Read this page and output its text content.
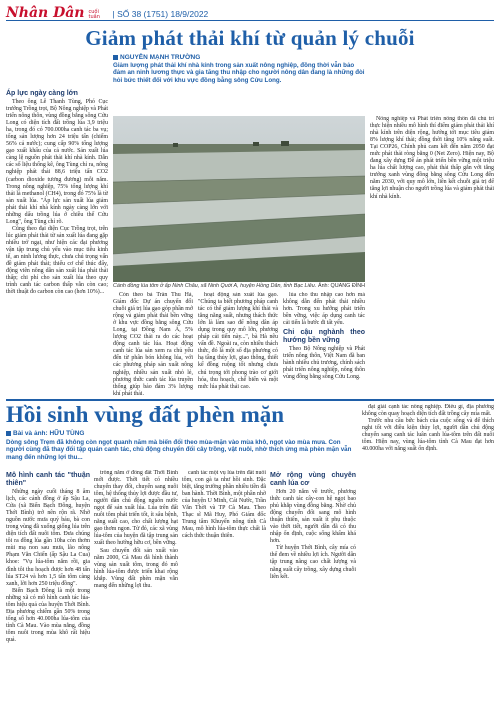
Nhân Dân cuối tuần	| SỐ 38 (1751) 18/9/2022
Giảm phát thải khí từ quản lý chuỗi
NGUYỄN MẠNH TRƯỜNG
Giảm lượng phát thải khí nhà kính trong sản xuất nông nghiệp, đồng thời vẫn bảo đảm an ninh lương thực và gia tăng thu nhập cho người nông dân đang là những đòi hỏi bức thiết đối với khu vực đồng bằng sông Cửu Long.

Áp lực ngày càng lớn

Theo ông Lê Thanh Tùng, Phó Cục trưởng Trồng trọt, Bộ Nông nghiệp và Phát triển nông thôn, vùng đồng bằng sông Cửu Long có diện tích đất trồng lúa 3,9 triệu ha, trong đó có 700.000ha canh tác ba vụ; tổng sản lượng hơn 24 triệu tấn (chiếm 56% cả nước); cung cấp 90% tổng lượng gạo xuất khẩu của cả nước. Sản xuất lúa càng lệ nguồn phát thải khí nhà kính. Dẫn các số liệu thống kê, ông Tùng chỉ ra, nông nghiệp phát thải 88,6 triệu tấn CO2 (carbon dioxide tương đương) mỗi năm. Trong nông nghiệp, 75% tổng lượng khí thải là methanol (CH4), trong đó 75% là từ sản xuất lúa. "Áp lực sản xuất lúa giảm phát thải khí nhà kính ngày càng lớn với những dấu trồng lúa ở chiều thế Cửu Long", ông Tùng chỉ rõ.

Cũng theo đại diện Cục Trồng trọt, trên lúc giảm phát thải từ sản xuất lúa đang gặp nhiều trở ngại, như hiện các đại phương vận tập trung chủ yếu vào mục tiêu kinh tế, an ninh lương thực, chưa chú trọng vấn đề giảm phát thải; thiếu cơ chế thúc đẩy, động viên nông dân sản xuất lúa phát thải thấp; chi phí cho sản xuất lúa theo quy trình canh tác carbon thấp vẫn còn cao; thời thuật đo carbon còn cao (hơn 10%)...

Cánh đồng lúa tôm ở ấp Ninh Châu, xã Ninh Quới A, huyện Hồng Dân, tỉnh Bạc Liêu. Ảnh: QUANG ĐÌNH

Còn theo bà Trần Thu Hà, Giám đốc Dự án chuyển đổi chuỗi giá trị lúa gạo góp phần mở rộng và giảm phát thải bền vững ở khu vực đồng bằng sông Cửu Long, tại Đồng Nam Á, 5% lượng CO2 thải ra do các hoạt động canh tác lúa. Hoạt động canh tác lúa sản xem ra chủ yếu đến từ phân bón không lúa, với các phương pháp sản xuất nông nghiệp, nhiều sản xuất nhỏ lẻ, phương thức canh tác lúa truyền thống giúp bảo đảm 3% lượng khí phát thải.

hoạt động sản xuất lúa gạo. "Chúng ta biết phương pháp canh tác có thể giảm lượng khí thải và tăng năng suất, nhưng thách thức lớn là làm sao để nông dân áp dụng trong quy mô lớn, phương pháp cải tiến này...", bà Hà nêu vấn đề. Ngoài ra, còn nhiều thách thức, đó là một số địa phương có hạ tầng thủy lợi, giao thông, thiết kế đồng ruộng tốt nhưng chưa chú trọng tới phong trào cơ giới hóa, thu hoạch, chế biến và một mức lúa phát thải cao.

lúa cho thu nhập cao hơn mà không dẫn đến phát thải nhiều hơn. Trong xu hướng phát triển bền vững, việc áp dụng canh tác cải tiến là bước đi tất yếu.

Chi cậu nghành theo hướng bền vững

Theo Bộ Nông nghiệp và Phát triển nông thôn, Việt Nam đã ban hành nhiều chủ trương, chính sách phát triển nông nghiệp, nông thôn vùng đồng bằng sông Cửu Long.

Nông nghiệp và Phát triển nông thôn đã chủ trì thực hiện nhiều mô hình thí điểm giảm phát thải khí nhà kính trên diện rộng, hướng tới mục tiêu giảm 8% lượng khí thải; đồng thời tăng 10% năng suất. Tại COP26, Chính phủ cam kết đến năm 2050 đạt mức phát thải ròng bằng 0 (Net Zero). Hiện nay, Bộ đang xây dựng Đề án phát triển bền vững một triệu ha lúa chất lượng cao, phát thải thấp gắn với tăng trưởng xanh vùng đồng bằng sông Cửu Long đến năm 2030, với quy mô lớn, liên kết chuỗi giá trị để tăng lợi nhuận cho người trồng lúa và giảm phát thải khí nhà kính.

Hồi sinh vùng đất phèn mặn
Bài và ảnh: HỮU TÙNG
Dòng sông Trẹm đã không còn ngọt quanh năm mà biến đổi theo mùa-mặn vào mùa khô, ngọt vào mùa mưa. Con người cùng đã thay đổi tập quán canh tác, chủ động chuyển đổi cây trồng, vật nuôi, nhờ thích ứng mà phèn mặn vẫn mang đến những lợi thu...

Mô hình canh tác "thuận thiên"

Những ngày cuối tháng 8 âm lịch, các cánh đồng ở ấp Sậu La, Cửa (xã Biển Bạch Đông, huyện Thới Bình) trở nên rộn rã. Nhờ nguồn nước mưa quý báu, bà con trong vùng đã xuống giống lúa trên diện tích đất nuôi tôm. Đưa chúng tôi ra đồng lúa gần 10ha còn thơm mùi mạ non sau mưa, lão nông Phạm Văn Chiến (ấp Sậu La Cua) khoe: "Vụ lúa-tôm năm rồi, gia đình tôi thu hoạch được hơn 48 tấn lúa ST24 và hơn 1,5 tấn tôm càng xanh, lời hơn 250 triệu đồng".

Biến Bạch Đông là một trong những xã có mô hình canh tác lúa-tôm hiệu quả của huyện Thới Bình. Địa phương chiếm gần 50% trong tổng số hơn 40.000ha lúa-tôm của tỉnh Cà Mau. Vào mùa nắng, đồng tôm nuôi trong mùa khô rất hiệu quả.

trồng năm ở đồng đất Thới Bình mới được. Thời tiết có nhiều chuyển thay đổi, chuyển sang nuôi tôm, hệ thống thủy lợi được đầu tư, người dân chủ động nguồn nước ngọt để sản xuất lúa. Lúa trên đất nuôi tôm phát triển tốt, ít sâu bệnh, năng suất cao, cho chất lượng hạt gạo thơm ngon. Từ đó, các xã vùng lúa-tôm của huyện đã tập trung sản xuất theo hướng hữu cơ, bền vững.

Sau chuyển đổi sản xuất vào năm 2000, Cà Mau đã hình thành vùng sản xuất tôm, trong đó mô hình lúa-tôm được triển khai rộng khắp. Vùng đất phèn mặn vẫn mang đến những lợi thu.

canh tác một vụ lúa trên đất nuôi tôm, con gà ta như hồi sinh. Đặc biệt, tăng trưởng phần nhiều tiền đã ban hành. Thời Bình, một phần nhờ của huyện U Minh, Cái Nước, Trần Văn Thời và TP Cà Mau. Theo Thạc sĩ Mã Huy, Phó Giám đốc Trung tâm Khuyến nông tỉnh Cà Mau, mô hình lúa-tôm thực chất là cách thức thuận thiên.

Mở rộng vùng chuyên canh lúa cơ

Hơn 20 năm về trước, phương thức canh tác cây-con hệ ngọt bao phủ khắp vùng đồng bằng. Nhờ chủ động chuyển đổi sang mô hình thuận thiên, sản xuất ít phụ thuộc vào thời tiết, người dân đã có thu nhập ổn định, cuộc sống khấm khá hơn.

Từ huyện Thới Bình, cây mía có thể đem về nhiều lợi ích. Người dân tập trung nâng cao chất lượng và năng suất cây trồng, xây dựng chuỗi liên kết.

đạt giải cạnh tác nông nghiệp. Điều gì, địa phương không còn quay hoạch diện tích đất trồng cây mía mất.

Trước nhu cầu bức bách của cuộc sống và để thích nghi tốt với điều kiện thủy lợi, người dân chủ động chuyển sang canh tác luân canh lúa-tôm trên đất nuôi tôm. Hiện nay, vùng lúa-tôm tỉnh Cà Mau đạt hơn 40.000ha với năng suất ổn định.
